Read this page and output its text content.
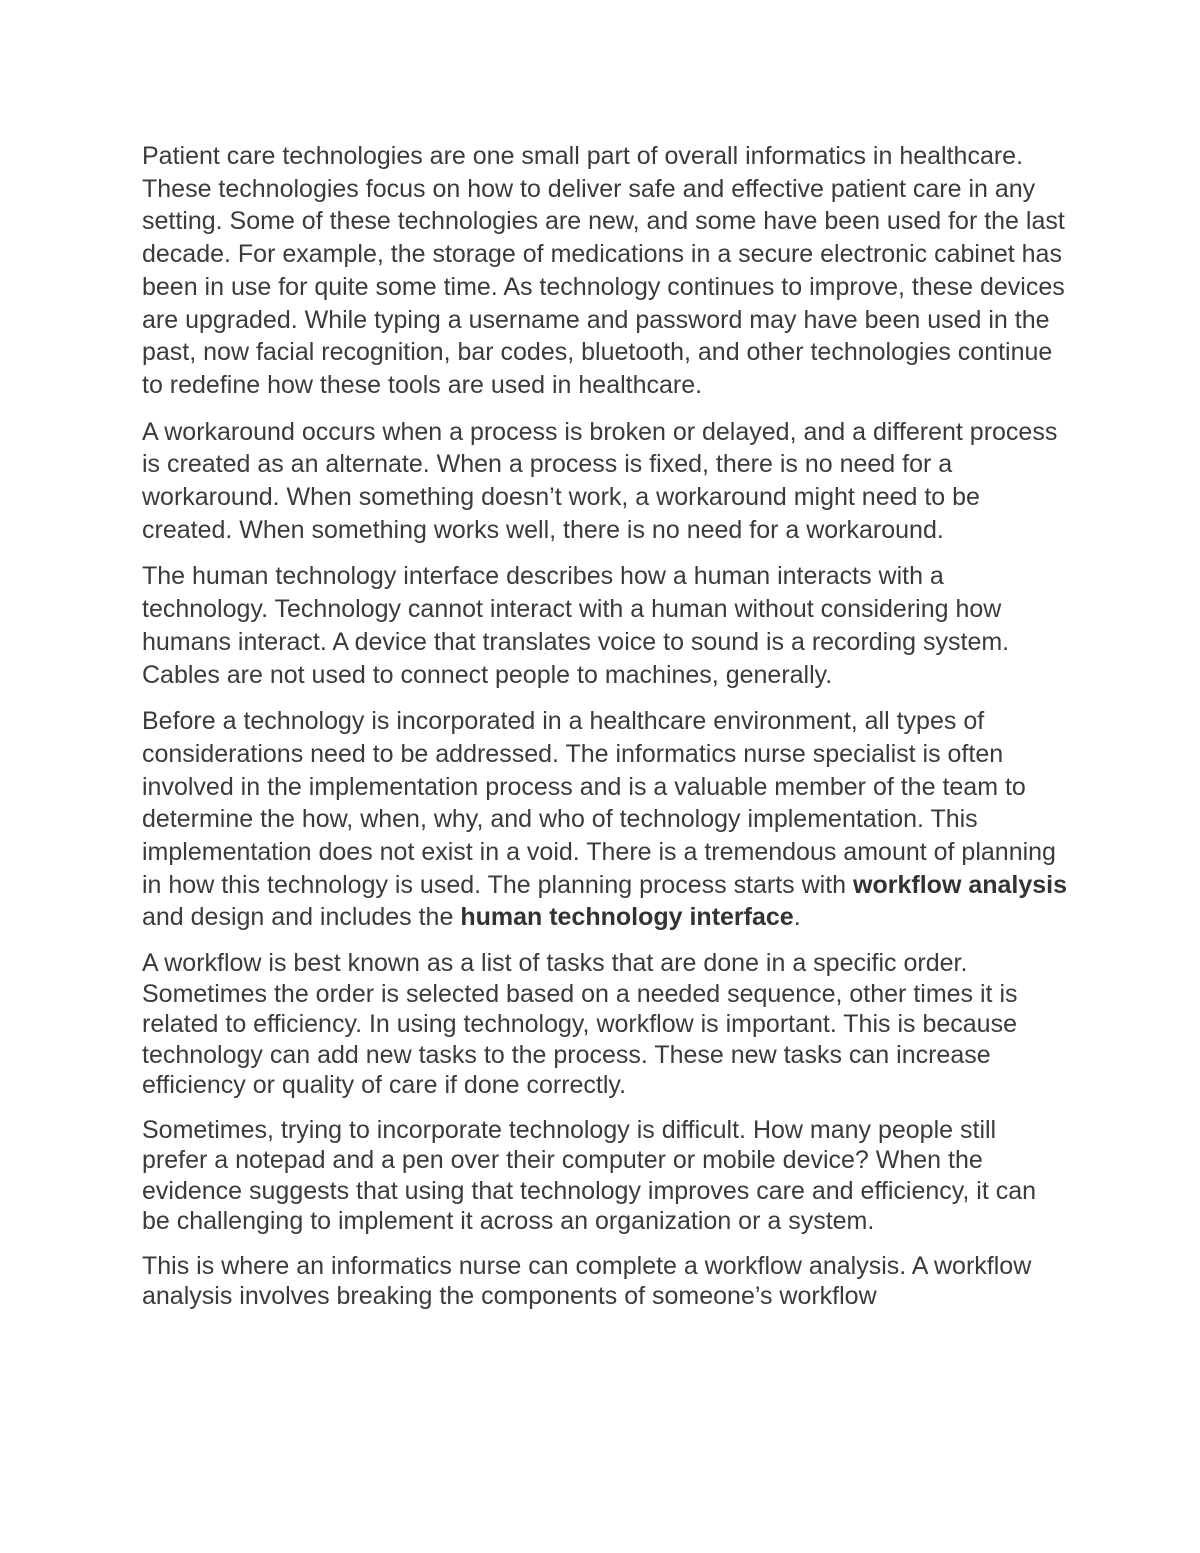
Patient care technologies are one small part of overall informatics in healthcare. These technologies focus on how to deliver safe and effective patient care in any setting. Some of these technologies are new, and some have been used for the last decade. For example, the storage of medications in a secure electronic cabinet has been in use for quite some time. As technology continues to improve, these devices are upgraded. While typing a username and password may have been used in the past, now facial recognition, bar codes, bluetooth, and other technologies continue to redefine how these tools are used in healthcare.

A workaround occurs when a process is broken or delayed, and a different process is created as an alternate. When a process is fixed, there is no need for a workaround. When something doesn’t work, a workaround might need to be created. When something works well, there is no need for a workaround.

The human technology interface describes how a human interacts with a technology. Technology cannot interact with a human without considering how humans interact. A device that translates voice to sound is a recording system. Cables are not used to connect people to machines, generally.

Before a technology is incorporated in a healthcare environment, all types of considerations need to be addressed. The informatics nurse specialist is often involved in the implementation process and is a valuable member of the team to determine the how, when, why, and who of technology implementation. This implementation does not exist in a void. There is a tremendous amount of planning in how this technology is used. The planning process starts with workflow analysis and design and includes the human technology interface.

A workflow is best known as a list of tasks that are done in a specific order. Sometimes the order is selected based on a needed sequence, other times it is related to efficiency. In using technology, workflow is important. This is because technology can add new tasks to the process. These new tasks can increase efficiency or quality of care if done correctly.

Sometimes, trying to incorporate technology is difficult. How many people still prefer a notepad and a pen over their computer or mobile device? When the evidence suggests that using that technology improves care and efficiency, it can be challenging to implement it across an organization or a system.

This is where an informatics nurse can complete a workflow analysis. A workflow analysis involves breaking the components of someone’s workflow
